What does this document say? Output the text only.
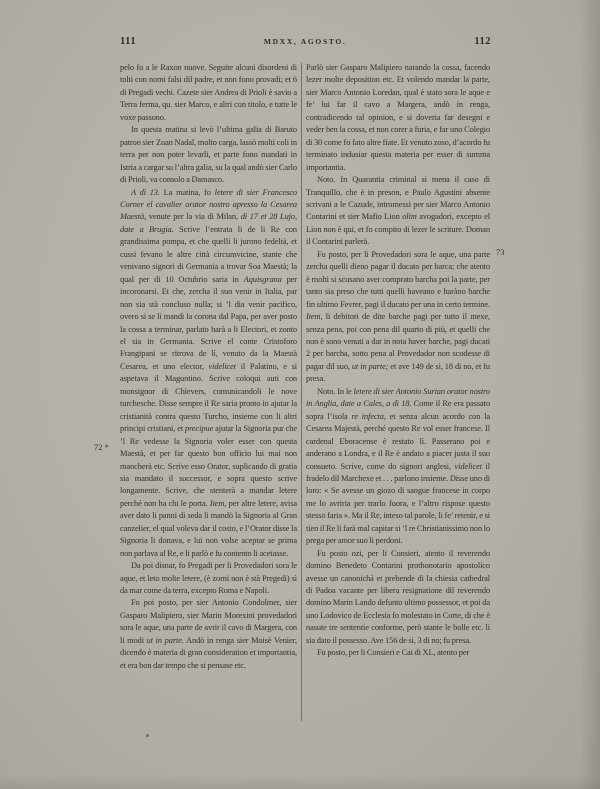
111	MDXX, AGOSTO.	112

pelo fo a le Raxon nuove. Seguite alcuni disordeni di tolti con nomi falsi dil padre, et non fono provadi; et 6 di Pregadi vechi. Cazete sier Andrea di Prioli è savio a Terra ferma, qu. sier Marco, e altri con titolo, e tutte le voxe passono.

In questa matina si levò l’ultima galia di Baruto patron sier Zuan Nadal, molto carga, lassò molti coli in terra per non poter levarli, et parte fono mandati in Istria a cargar su l’altra galia, su la qual andò sier Carlo di Prioli, va consolo a Damasco.

A dì 13. La matina, fo letere di sier Francesco Corner el cavalier orator nostro apresso la Cesarea Maestà, venute per la via di Milan, di 17 et 28 Lujo, date a Brugia. Scrive l’entrata li de li Re con grandissima pompa, et che quelli li jurono fedeltà, et cussi fevano le altre città circumvicine, stante che venivano signori di Germania a trovar Soa Maestà; la qual per di 10 Octubrio saria in Aquisgrana per incoronarsi. Et che, zercha il suo venir in Italia, par non sia stà concluso nulla; si ’l dia venir pacifico, overo si se li mandi la corona dal Papa, per aver posto la cossa a terminar, parlato harà a li Electori, et zonto el sia in Germania. Scrive el conte Cristoforo Frangipani se ritrova de lì, venuto da la Maestà Cesarea, et uno elector, videlicet il Palatino, e si aspetava il Maguntino. Scrive coloqui auti con monsignor di Chievers, comunicandoli le nove turchesche. Disse sempre il Re saria pronto in ajutar la cristianità contra questo Turcho, insieme con li altri principi cristiani, et precipue ajutar la Signoria pur che ’l Re vedesse la Signoria voler esser con questa Maestà, et per far questo bon officio lui mai non mancherà etc. Scrive esso Orator, suplicando di gratia sia mandato il successor, e sopra questo scrive longamente. Scrive, che stenterà a mandar letere perché non ha chi le porta. Item, per altre letere, avisa aver dato li panni di seda li mandò la Signoria al Gran canzelier, el qual voleva dar il costo, e l’Orator disse la Signoria li donava, e lui non volse aceptar se prima non parlava al Re, e li parlò e fu contento li acetasse.

Da poi disnar, fo Pregadi per li Provedadori sora le aque, et leto molte letere, (è zorni non è stà Pregedi) sì da mar come da terra, excepto Roma e Napoli.

Fo poi posto, per sier Antonio Condolmer, sier Gasparo Malipiero, sier Marin Morexini provedadori sora le aque, una parte de avrir il cavo di Margera, con li modi ut in parte. Andò in renga sier Moisè Venier, dicendo è materia di gran consideration et importantia, et era bon dar tempo che si pensase etc.

Parlò sier Gasparo Malipiero narando la cossa, facendo lezer molte deposition etc. Et volendo mandar la parte, sier Marco Antonio Loredan, qual è stato sora le aque e fe’ lui far il cavo a Margera, andò in renga, contradicendo tal opinion, e si doveria far desegni e veder ben la cossa, et non corer a furia, e far uno Colegio di 30 come fo fato altre fiate. Et venuto zoso, d’acordo fu terminato indusiar questa materia per esser di summa importantia.

Noto. In Quarantia criminal si mena il caso di Tranquillo, che è in preson, e Paulo Agustini absente scrivani a le Cazude, intromessi per sier Marco Antonio Contarini et sier Mafio Lion olim avogadori, excepto el Lion non è qui, et fo compito di lezer le scriture. Doman il Contarini parlerà.

Fu posto, per li Provedadori sora le aque, una parte zercha quelli dieno pagar il ducato per barca; che atento è molti si scusano aver comprato barcha poi la parte, per tanto sia preso che tutti quelli haveano e haràno barche fin ultimo Fevrer, pagi il ducato per una in certo termine. Item, li debitori de dite barche pagi per tutto il mexe, senza pena, poi con pena dil quarto di più, et quelli che non è sono venuti a dar in nota haver barche, pagi ducati 2 per barcha, sotto pena al Provedador non scodesse di pagar dil suo, ut in parte; et ave 149 de sì, 18 di no, et fu presa.

Noto. In le letere di sier Antonio Surian orator nostro in Anglia, date a Cales, a dì 18. Come il Re era passato sopra l’isola re infecta, et senza alcun acordo con la Cesarea Majestà, perché questo Re vol esser francese. Il cardenal Eboracense è restato lì. Passerano poi e anderano a Londra, e il Re è andato a piacer justa il suo consueto. Scrive, come do signori anglesi, videlicet il fradelo dil Marchexe et . . . parlono insieme. Disse uno di loro: « Se avesse un giozo di sangue francese in corpo me lo avriria per trarlo fuora, e l’altro rispose questo stesso faria ». Ma il Re, inteso tal parole, li fe’ retenir, e si tien il Re li farà mal capitar si ’l re Christianissimo non lo prega per amor suo li perdoni.

Fu posto ozi, per li Consieri, atento il reverendo domino Benedeto Contarini prothonotario apostolico avesse un canonichà et prebende di la chiesia cathedral di Padoa vacante per libera resignatione dil reverendo domino Marin Lando defunto ultimo possessor, et poi da uno Lodovico de Ecclesia fo molestato in Corte, di che è nasute tre sententie conforme, però stante le bolle etc. li sia dato il possesso. Ave 156 de sì, 3 di no; fu presa.

Fu posto, per li Consieri e Cai di XL, atento per

72 *
73
